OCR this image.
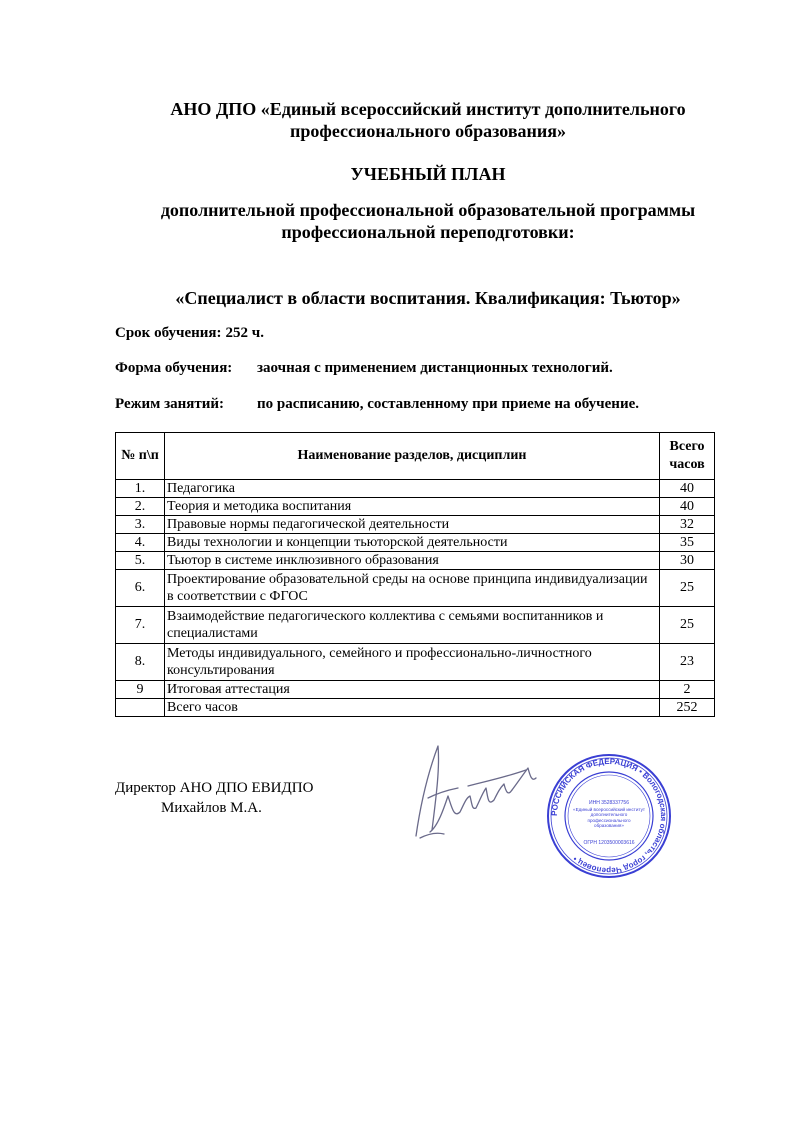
АНО ДПО «Единый всероссийский институт дополнительного профессионального образования»
УЧЕБНЫЙ ПЛАН
дополнительной профессиональной образовательной программы профессиональной переподготовки:
«Специалист в области воспитания. Квалификация: Тьютор»
Срок обучения: 252 ч.
Форма обучения: заочная с применением дистанционных технологий.
Режим занятий: по расписанию, составленному при приеме на обучение.
№ п\п	Наименование разделов, дисциплин	Всего
часов
1.	Педагогика	40
2.	Теория и методика воспитания	40
3.	Правовые нормы педагогической деятельности	32
4.	Виды технологии и концепции тьюторской деятельности	35
5.	Тьютор в системе инклюзивного образования	30
6.	Проектирование образовательной среды на основе принципа индивидуализации в соответствии с ФГОС	25
7.	Взаимодействие педагогического коллектива с семьями воспитанников и специалистами	25
8.	Методы индивидуального, семейного и профессионально-личностного консультирования	23
9	Итоговая аттестация	2
	Всего часов	252
Директор АНО ДПО ЕВИДПО
Михайлов М.А.	РОССИЙСКАЯ ФЕДЕРАЦИЯ • Вологодская область, город Череповец •
ИНН 3528337756
«Единый всероссийский институт дополнительного профессионального образования»
ОГРН 1203500003616
